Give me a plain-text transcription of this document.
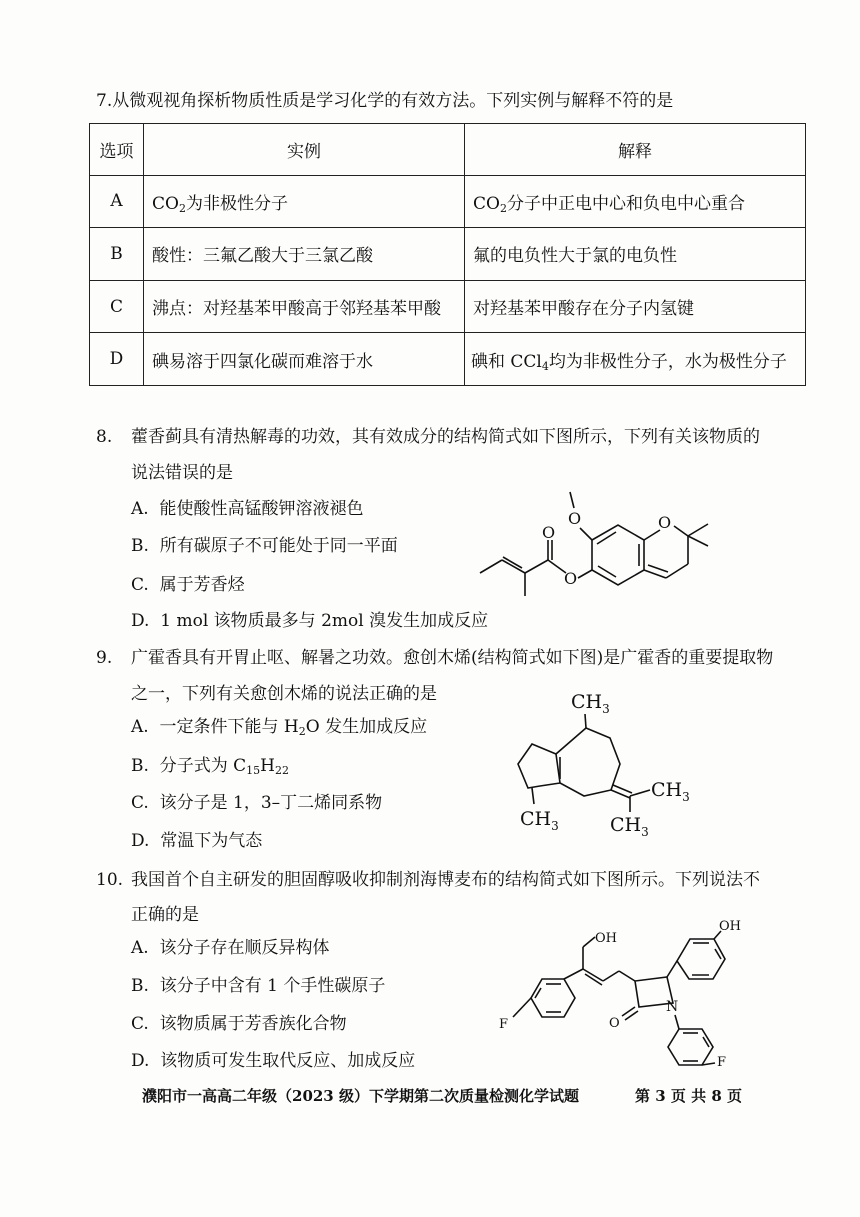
7.从微观视角探析物质性质是学习化学的有效方法。下列实例与解释不符的是
选项	实例	解释
A	$CO_2$为非极性分子	$CO_2$分子中正电中心和负电中心重合
B	酸性：三氟乙酸大于三氯乙酸	氟的电负性大于氯的电负性
C	沸点：对羟基苯甲酸高于邻羟基苯甲酸	对羟基苯甲酸存在分子内氢键
D	碘易溶于四氯化碳而难溶于水	碘和 CCl$_4$均为非极性分子，水为极性分子
8. 藿香蓟具有清热解毒的功效，其有效成分的结构简式如下图所示，下列有关该物质的
说法错误的是
A. 能使酸性高锰酸钾溶液褪色
B. 所有碳原子不可能处于同一平面
C. 属于芳香烃
D. 1 mol 该物质最多与 2mol 溴发生加成反应
O	O
O
O
9. 广霍香具有开胃止呕、解暑之功效。愈创木烯(结构简式如下图)是广霍香的重要提取物
之一，下列有关愈创木烯的说法正确的是
A. 一定条件下能与 $H_2O$ 发生加成反应
B. 分子式为 $C_{15}H_{22}$
C. 该分子是 1，3–丁二烯同系物
D. 常温下为气态
$CH_3$
$CH_3$
$CH_3$
$CH_3$
10. 我国首个自主研发的胆固醇吸收抑制剂海博麦布的结构简式如下图所示。下列说法不
正确的是
A. 该分子存在顺反异构体
B. 该分子中含有 1 个手性碳原子
C. 该物质属于芳香族化合物
D. 该物质可发生取代反应、加成反应
OH
OH
F
F
O
N
濮阳市一高高二年级（2023 级）下学期第二次质量检测化学试题	第 3 页 共 8 页
